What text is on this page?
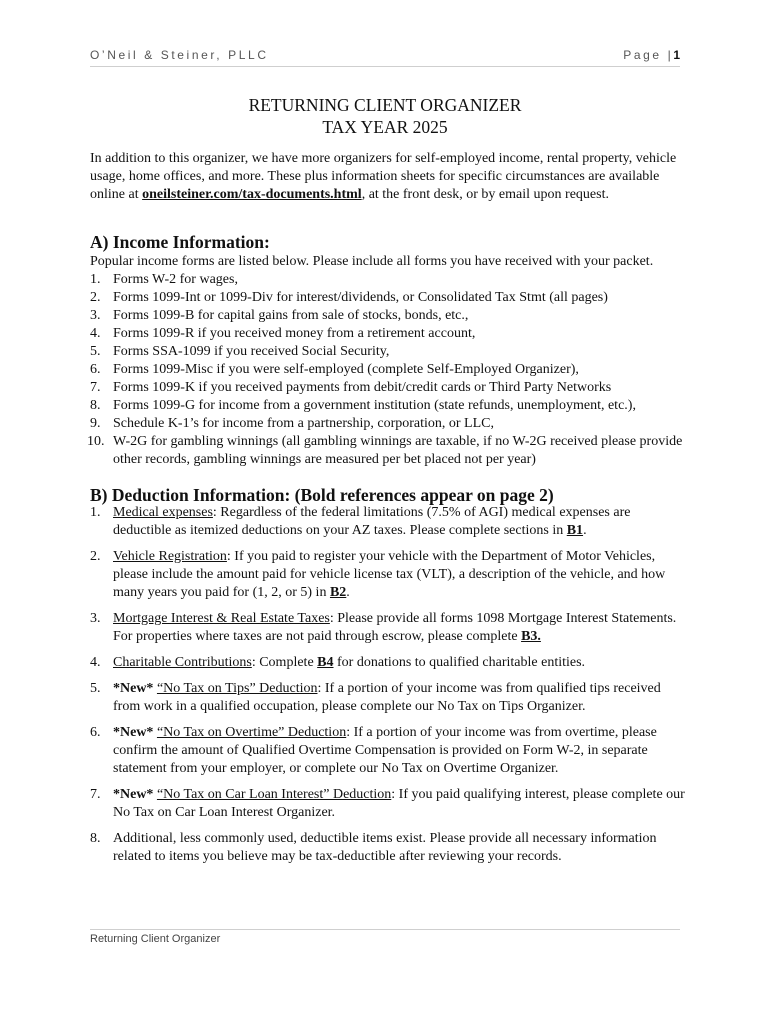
O’Neil & Steiner, PLLC	Page |1
RETURNING CLIENT ORGANIZER
TAX YEAR 2025
In addition to this organizer, we have more organizers for self-employed income, rental property, vehicle usage, home offices, and more. These plus information sheets for specific circumstances are available online at oneilsteiner.com/tax-documents.html, at the front desk, or by email upon request.
A) Income Information:
Popular income forms are listed below. Please include all forms you have received with your packet.
1. Forms W-2 for wages,
2. Forms 1099-Int or 1099-Div for interest/dividends, or Consolidated Tax Stmt (all pages)
3. Forms 1099-B for capital gains from sale of stocks, bonds, etc.,
4. Forms 1099-R if you received money from a retirement account,
5. Forms SSA-1099 if you received Social Security,
6. Forms 1099-Misc if you were self-employed (complete Self-Employed Organizer),
7. Forms 1099-K if you received payments from debit/credit cards or Third Party Networks
8. Forms 1099-G for income from a government institution (state refunds, unemployment, etc.),
9. Schedule K-1’s for income from a partnership, corporation, or LLC,
10. W-2G for gambling winnings (all gambling winnings are taxable, if no W-2G received please provide other records, gambling winnings are measured per bet placed not per year)
B) Deduction Information: (Bold references appear on page 2)
1. Medical expenses: Regardless of the federal limitations (7.5% of AGI) medical expenses are deductible as itemized deductions on your AZ taxes. Please complete sections in B1.
2. Vehicle Registration: If you paid to register your vehicle with the Department of Motor Vehicles, please include the amount paid for vehicle license tax (VLT), a description of the vehicle, and how many years you paid for (1, 2, or 5) in B2.
3. Mortgage Interest & Real Estate Taxes: Please provide all forms 1098 Mortgage Interest Statements. For properties where taxes are not paid through escrow, please complete B3.
4. Charitable Contributions: Complete B4 for donations to qualified charitable entities.
5. *New* “No Tax on Tips” Deduction: If a portion of your income was from qualified tips received from work in a qualified occupation, please complete our No Tax on Tips Organizer.
6. *New* “No Tax on Overtime” Deduction: If a portion of your income was from overtime, please confirm the amount of Qualified Overtime Compensation is provided on Form W-2, in separate statement from your employer, or complete our No Tax on Overtime Organizer.
7. *New* “No Tax on Car Loan Interest” Deduction: If you paid qualifying interest, please complete our No Tax on Car Loan Interest Organizer.
8. Additional, less commonly used, deductible items exist. Please provide all necessary information related to items you believe may be tax-deductible after reviewing your records.
Returning Client Organizer
